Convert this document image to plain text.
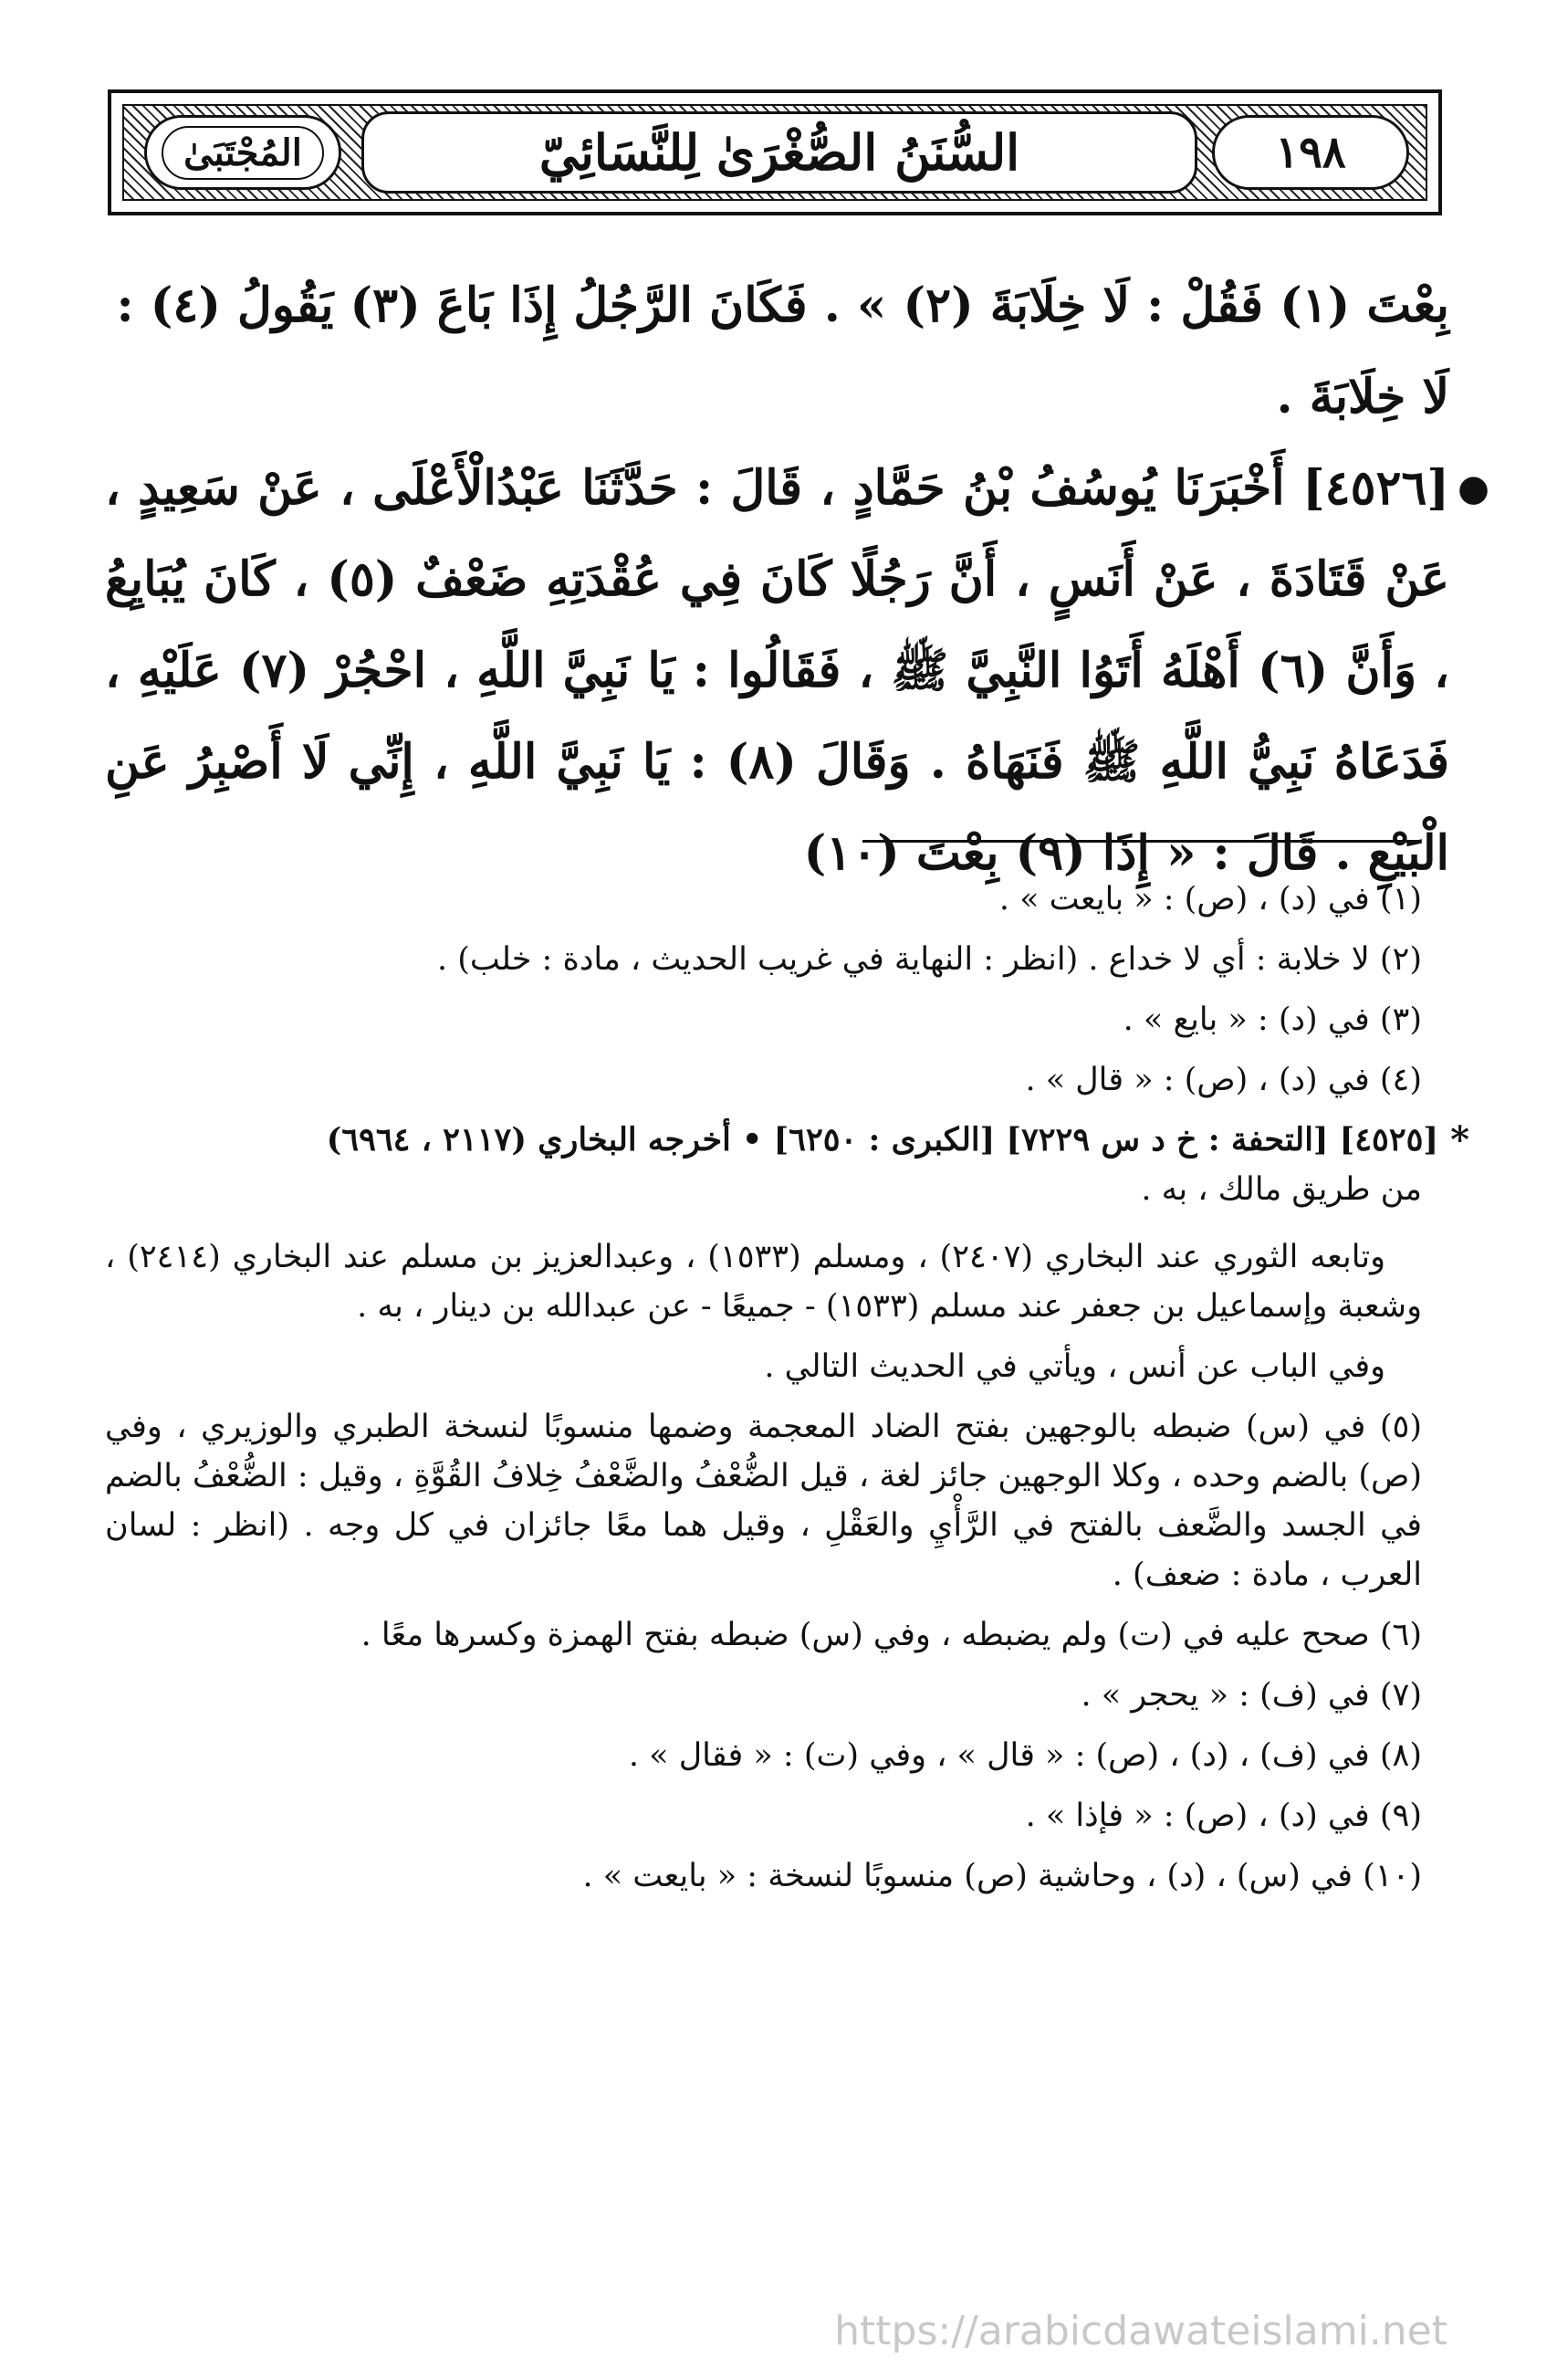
١٩٨
السُّنَنُ الصُّغْرَىٰ لِلنَّسَائِيّ
المُجْتَبَىٰ

بِعْتَ (١) فَقُلْ : لَا خِلَابَةَ (٢) » . فَكَانَ الرَّجُلُ إِذَا بَاعَ (٣) يَقُولُ (٤) : لَا خِلَابَةَ .

●

[٤٥٢٦] أَخْبَرَنَا يُوسُفُ بْنُ حَمَّادٍ ، قَالَ : حَدَّثَنَا عَبْدُالْأَعْلَى ، عَنْ سَعِيدٍ ، عَنْ قَتَادَةَ ، عَنْ أَنَسٍ ، أَنَّ رَجُلًا كَانَ فِي عُقْدَتِهِ ضَعْفٌ (٥) ، كَانَ يُبَايِعُ ، وَأَنَّ (٦) أَهْلَهُ أَتَوُا النَّبِيَّ ﷺ ، فَقَالُوا : يَا نَبِيَّ اللَّهِ ، احْجُرْ (٧) عَلَيْهِ ، فَدَعَاهُ نَبِيُّ اللَّهِ ﷺ فَنَهَاهُ . وَقَالَ (٨) : يَا نَبِيَّ اللَّهِ ، إِنِّي لَا أَصْبِرُ عَنِ الْبَيْعِ . قَالَ : « إِذَا (٩) بِعْتَ (١٠)

(١) في (د) ، (ص) : « بايعت » .

(٢) لا خلابة : أي لا خداع . (انظر : النهاية في غريب الحديث ، مادة : خلب) .

(٣) في (د) : « بايع » .

(٤) في (د) ، (ص) : « قال » .

*

[٤٥٢٥] [التحفة : خ د س ٧٢٢٩] [الكبرى : ٦٢٥٠] • أخرجه البخاري (٢١١٧ ، ٦٩٦٤)

من طريق مالك ، به .

وتابعه الثوري عند البخاري (٢٤٠٧) ، ومسلم (١٥٣٣) ، وعبدالعزيز بن مسلم عند البخاري (٢٤١٤) ، وشعبة وإسماعيل بن جعفر عند مسلم (١٥٣٣) - جميعًا - عن عبدالله بن دينار ، به .

وفي الباب عن أنس ، ويأتي في الحديث التالي .

(٥) في (س) ضبطه بالوجهين بفتح الضاد المعجمة وضمها منسوبًا لنسخة الطبري والوزيري ، وفي (ص) بالضم وحده ، وكلا الوجهين جائز لغة ، قيل الضُّعْفُ والضَّعْفُ خِلافُ القُوَّةِ ، وقيل : الضُّعْفُ بالضم في الجسد والضَّعف بالفتح في الرَّأْيِ والعَقْلِ ، وقيل هما معًا جائزان في كل وجه . (انظر : لسان العرب ، مادة : ضعف) .

(٦) صحح عليه في (ت) ولم يضبطه ، وفي (س) ضبطه بفتح الهمزة وكسرها معًا .

(٧) في (ف) : « يحجر » .

(٨) في (ف) ، (د) ، (ص) : « قال » ، وفي (ت) : « فقال » .

(٩) في (د) ، (ص) : « فإذا » .

(١٠) في (س) ، (د) ، وحاشية (ص) منسوبًا لنسخة : « بايعت » .

https://arabicdawateislami.net
